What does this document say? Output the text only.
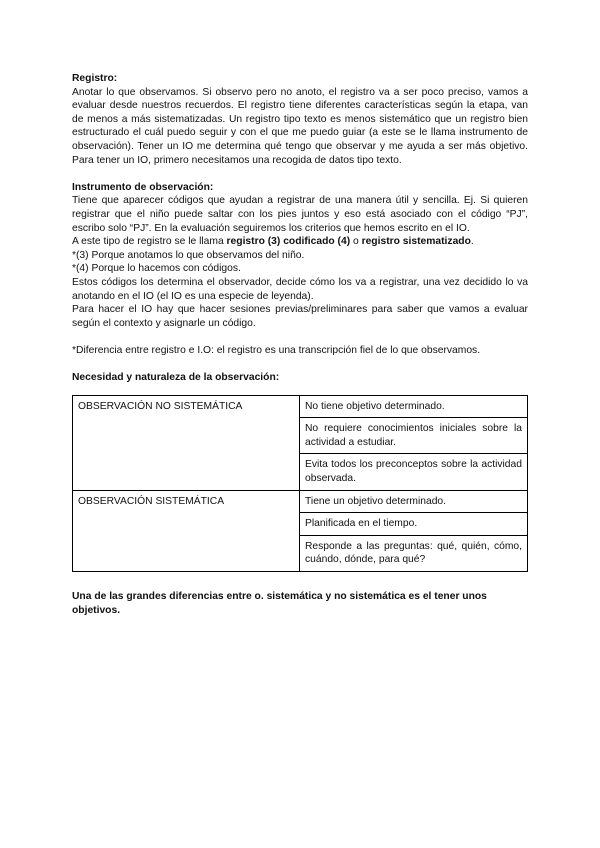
Registro:

Anotar lo que observamos. Si observo pero no anoto, el registro va a ser poco preciso, vamos a evaluar desde nuestros recuerdos. El registro tiene diferentes características según la etapa, van de menos a más sistematizadas. Un registro tipo texto es menos sistemático que un registro bien estructurado el cuál puedo seguir y con el que me puedo guiar (a este se le llama instrumento de observación). Tener un IO me determina qué tengo que observar y me ayuda a ser más objetivo. Para tener un IO, primero necesitamos una recogida de datos tipo texto.

Instrumento de observación:

Tiene que aparecer códigos que ayudan a registrar de una manera útil y sencilla. Ej. Si quieren registrar que el niño puede saltar con los pies juntos y eso está asociado con el código “PJ”, escribo solo “PJ”. En la evaluación seguiremos los criterios que hemos escrito en el IO.

A este tipo de registro se le llama registro (3) codificado (4) o registro sistematizado.

*(3) Porque anotamos lo que observamos del niño.

*(4) Porque lo hacemos con códigos.

Estos códigos los determina el observador, decide cómo los va a registrar, una vez decidido lo va anotando en el IO (el IO es una especie de leyenda).

Para hacer el IO hay que hacer sesiones previas/preliminares para saber que vamos a evaluar según el contexto y asignarle un código.

*Diferencia entre registro e I.O: el registro es una transcripción fiel de lo que observamos.

Necesidad y naturaleza de la observación:

OBSERVACIÓN NO SISTEMÁTICA	No tiene objetivo determinado.
	No requiere conocimientos iniciales sobre la actividad a estudiar.
	Evita todos los preconceptos sobre la actividad observada.
OBSERVACIÓN SISTEMÁTICA	Tiene un objetivo determinado.
	Planificada en el tiempo.
	Responde a las preguntas: qué, quién, cómo, cuándo, dónde, para qué?

Una de las grandes diferencias entre o. sistemática y no sistemática es el tener unos objetivos.
